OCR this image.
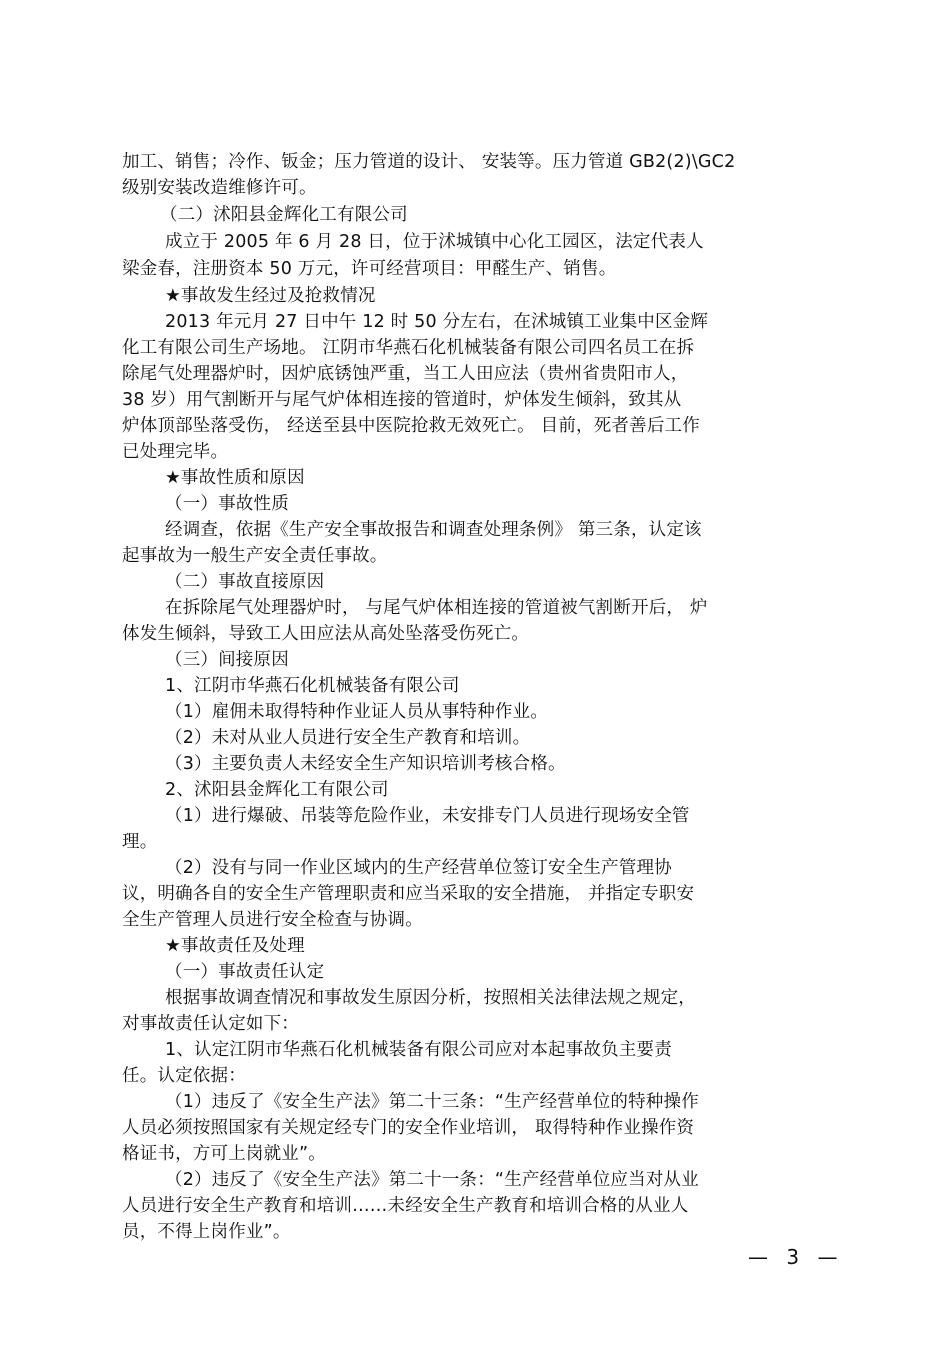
加工、销售；冷作、钣金；压力管道的设计、 安装等。压力管道 GB2(2)\GC2
级别安装改造维修许可。
（二）沭阳县金辉化工有限公司
成立于 2005 年 6 月 28 日，位于沭城镇中心化工园区，法定代表人
梁金春，注册资本 50 万元，许可经营项目：甲醛生产、销售。
★事故发生经过及抢救情况
2013 年元月 27 日中午 12 时 50 分左右，在沭城镇工业集中区金辉
化工有限公司生产场地。 江阴市华燕石化机械装备有限公司四名员工在拆
除尾气处理器炉时，因炉底锈蚀严重，当工人田应法（贵州省贵阳市人，
38 岁）用气割断开与尾气炉体相连接的管道时，炉体发生倾斜，致其从
炉体顶部坠落受伤， 经送至县中医院抢救无效死亡。 目前，死者善后工作
已处理完毕。
★事故性质和原因
（一）事故性质
经调查，依据《生产安全事故报告和调查处理条例》 第三条，认定该
起事故为一般生产安全责任事故。
（二）事故直接原因
在拆除尾气处理器炉时， 与尾气炉体相连接的管道被气割断开后， 炉
体发生倾斜，导致工人田应法从高处坠落受伤死亡。
（三）间接原因
1、江阴市华燕石化机械装备有限公司
（1）雇佣未取得特种作业证人员从事特种作业。
（2）未对从业人员进行安全生产教育和培训。
（3）主要负责人未经安全生产知识培训考核合格。
2、沭阳县金辉化工有限公司
（1）进行爆破、吊装等危险作业，未安排专门人员进行现场安全管
理。
（2）没有与同一作业区域内的生产经营单位签订安全生产管理协
议，明确各自的安全生产管理职责和应当采取的安全措施， 并指定专职安
全生产管理人员进行安全检查与协调。
★事故责任及处理
（一）事故责任认定
根据事故调查情况和事故发生原因分析，按照相关法律法规之规定，
对事故责任认定如下：
1、认定江阴市华燕石化机械装备有限公司应对本起事故负主要责
任。认定依据：
（1）违反了《安全生产法》第二十三条：“生产经营单位的特种操作
人员必须按照国家有关规定经专门的安全作业培训， 取得特种作业操作资
格证书，方可上岗就业”。
（2）违反了《安全生产法》第二十一条：“生产经营单位应当对从业
人员进行安全生产教育和培训……未经安全生产教育和培训合格的从业人
员，不得上岗作业”。
— 3 —
